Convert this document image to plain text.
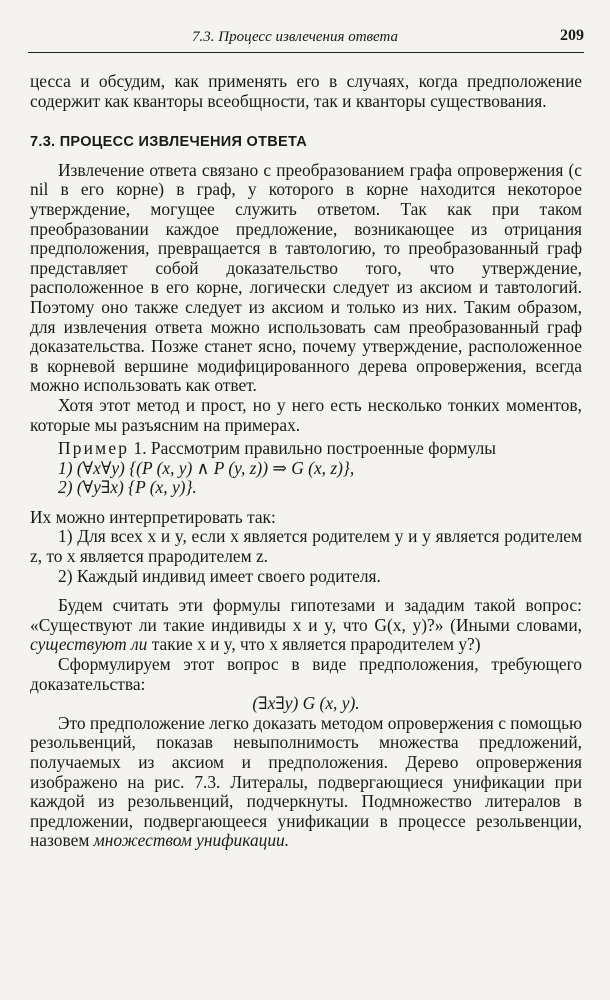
7.3. Процесс извлечения ответа	209

цесса и обсудим, как применять его в случаях, когда предположение содержит как кванторы всеобщности, так и кванторы существования.

7.3. ПРОЦЕСС ИЗВЛЕЧЕНИЯ ОТВЕТА

Извлечение ответа связано с преобразованием графа опровержения (с nil в его корне) в граф, у которого в корне находится некоторое утверждение, могущее служить ответом. Так как при таком преобразовании каждое предложение, возникающее из отрицания предположения, превращается в тавтологию, то преобразованный граф представляет собой доказательство того, что утверждение, расположенное в его корне, логически следует из аксиом и тавтологий. Поэтому оно также следует из аксиом и только из них. Таким образом, для извлечения ответа можно использовать сам преобразованный граф доказательства. Позже станет ясно, почему утверждение, расположенное в корневой вершине модифицированного дерева опровержения, всегда можно использовать как ответ.

Хотя этот метод и прост, но у него есть несколько тонких моментов, которые мы разъясним на примерах.

Пример 1. Рассмотрим правильно построенные формулы

1) (∀x∀y) {(P (x, y) ∧ P (y, z)) ⇒ G (x, z)},

2) (∀y∃x) {P (x, y)}.

Их можно интерпретировать так:

1) Для всех x и y, если x является родителем y и y является родителем z, то x является прародителем z.

2) Каждый индивид имеет своего родителя.

Будем считать эти формулы гипотезами и зададим такой вопрос: «Существуют ли такие индивиды x и y, что G(x, y)?» (Иными словами, существуют ли такие x и y, что x является прародителем y?)

Сформулируем этот вопрос в виде предположения, требующего доказательства:

(∃x∃y) G (x, y).

Это предположение легко доказать методом опровержения с помощью резольвенций, показав невыполнимость множества предложений, получаемых из аксиом и предположения. Дерево опровержения изображено на рис. 7.3. Литералы, подвергающиеся унификации при каждой из резольвенций, подчеркнуты. Подмножество литералов в предложении, подвергающееся унификации в процессе резольвенции, назовем множеством унификации.
